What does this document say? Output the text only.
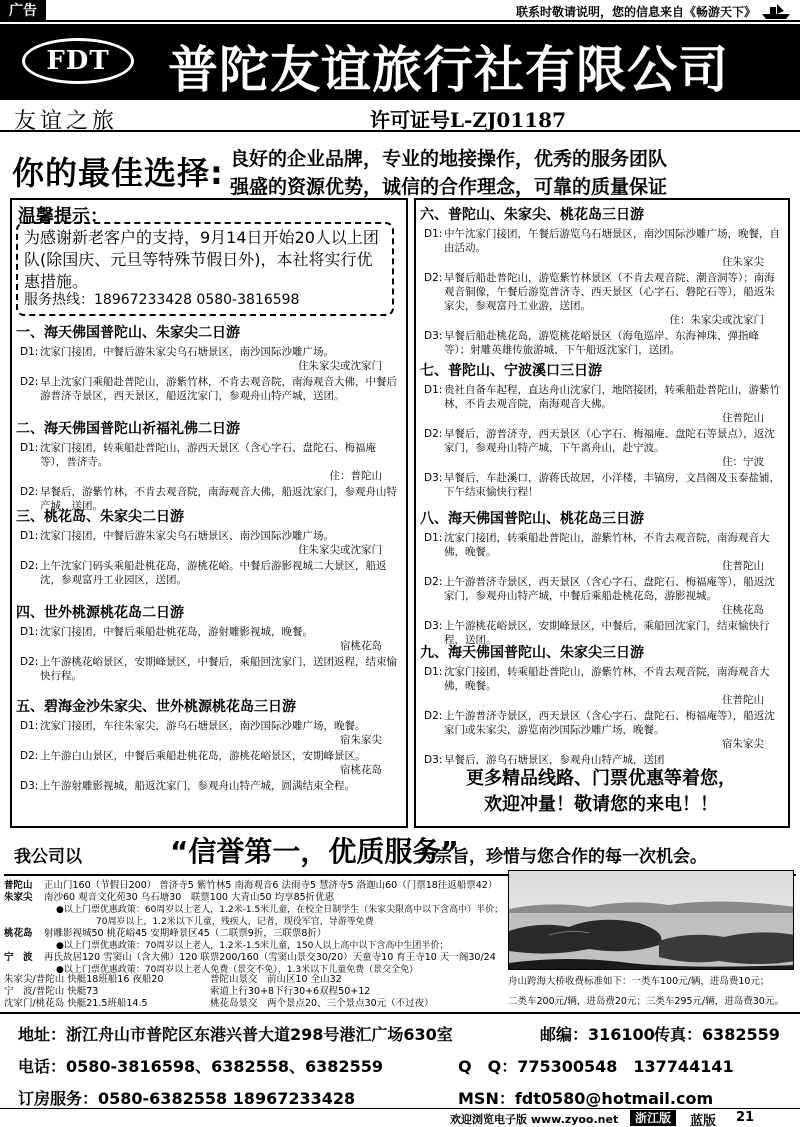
广告	联系时敬请说明，您的信息来自《畅游天下》
FDT	普陀友谊旅行社有限公司
友谊之旅	许可证号L-ZJ01187
你的最佳选择: 良好的企业品牌，专业的地接操作，优秀的服务团队
强盛的资源优势，诚信的合作理念，可靠的质量保证
温馨提示：
为感谢新老客户的支持，9月14日开始20人以上团队(除国庆、元旦等特殊节假日外)，本社将实行优惠措施。
服务热线：18967233428 0580-3816598
一、海天佛国普陀山、朱家尖二日游
D1: 沈家门接团，中餐后游朱家尖乌石塘景区，南沙国际沙雕广场。
住朱家尖或沈家门
D2: 早上沈家门乘船赴普陀山，游紫竹林，不肯去观音院，南海观音大佛，中餐后游普济寺景区，西天景区，船返沈家门，参观舟山特产城，送团。
二、海天佛国普陀山祈福礼佛二日游
D1: 沈家门接团，转乘船赴普陀山，游西天景区（含心字石、盘陀石、梅福庵等），普济寺。
住：普陀山
D2: 早餐后，游紫竹林，不肯去观音院，南海观音大佛，船返沈家门，参观舟山特产城，送团。
三、桃花岛、朱家尖二日游
D1: 沈家门接团，中餐后游朱家尖乌石塘景区、南沙国际沙雕广场。
住朱家尖或沈家门
D2: 上午沈家门码头乘船赴桃花岛，游桃花峪。中餐后游影视城二大景区，船返沈，参观富丹工业园区，送团。
四、世外桃源桃花岛二日游
D1: 沈家门接团，中餐后乘船赴桃花岛，游射雕影视城，晚餐。
宿桃花岛
D2: 上午游桃花峪景区，安期峰景区，中餐后，乘船回沈家门，送团返程，结束愉快行程。
五、碧海金沙朱家尖、世外桃源桃花岛三日游
D1: 沈家门接团，车往朱家尖，游乌石塘景区，南沙国际沙雕广场，晚餐。
宿朱家尖
D2: 上午游白山景区，中餐后乘船赴桃花岛，游桃花峪景区，安期峰景区。
宿桃花岛
D3: 上午游射雕影视城，船返沈家门，参观舟山特产城，圆满结束全程。
六、普陀山、朱家尖、桃花岛三日游
D1: 中午沈家门接团，午餐后游览乌石塘景区，南沙国际沙雕广场，晚餐，自由活动。
住朱家尖
D2: 早餐后船赴普陀山，游览紫竹林景区（不肯去观音院、潮音洞等）；南海观音铜像，午餐后游览普济寺、西天景区（心字石、磐陀石等），船返朱家尖，参观富丹工业游，送团。
住：朱家尖或沈家门
D3: 早餐后船赴桃花岛，游览桃花峪景区（海龟巡岸、东海神珠、弹指峰等）；射雕英雄传旅游城，下午船返沈家门，送团。
七、普陀山、宁波溪口三日游
D1: 贵社自备车起程，直达舟山沈家门，地陪接团，转乘船赴普陀山，游紫竹林，不肯去观音院，南海观音大佛。
住普陀山
D2: 早餐后，游普济寺，西天景区（心字石、梅福庵、盘陀石等景点），返沈家门，参观舟山特产城，下午离舟山，赴宁波。
住：宁波
D3: 早餐后，车赴溪口，游蒋氏故居，小洋楼，丰镐房，文昌阁及玉泰盐铺，下午结束愉快行程！
八、海天佛国普陀山、桃花岛三日游
D1: 沈家门接团，转乘船赴普陀山，游紫竹林，不肯去观音院，南海观音大佛，晚餐。
住普陀山
D2: 上午游普济寺景区，西天景区（含心字石、盘陀石、梅福庵等），船返沈家门，参观舟山特产城，中餐后乘船赴桃花岛，游影视城。
住桃花岛
D3: 上午游桃花峪景区，安期峰景区，中餐后，乘船回沈家门，结束愉快行程，送团。
九、海天佛国普陀山、朱家尖三日游
D1: 沈家门接团，转乘船赴普陀山，游紫竹林，不肯去观音院，南海观音大佛，晚餐。
住普陀山
D2: 上午游普济寺景区，西天景区（含心字石、盘陀石、梅福庵等），船返沈家门或朱家尖，游览南沙国际沙雕广场，晚餐。
宿朱家尖
D3: 早餐后，游乌石塘景区，参观舟山特产城，送团
更多精品线路、门票优惠等着您，
欢迎冲量！敬请您的来电！！
我公司以	“信誉第一，优质服务”
为宗旨，珍惜与您合作的每一次机会。
普陀山 正山门160（节假日200） 普济寺5 紫竹林5 南海观音6 法雨寺5 慧济寺5 洛迦山60（门票18往返船票42）
朱家尖 南沙60 观音文化苑30 乌石塘30　联票100 大青山50 均享85折优惠
●以上门票优惠政策：60周岁以上老人，1.2米-1.5米儿童，在校全日制学生（朱家尖限高中以下含高中）半价；
70周岁以上，1.2米以下儿童，残疾人，记者，现役军官，导游等免费
桃花岛 射雕影视城50 桃花峪45 安期峰景区45（二联票9折，三联票8折）
●以上门票优惠政策：70周岁以上老人，1.2米-1.5米儿童，150人以上高中以下含高中生团半价；
宁　波 再氏故居120 雪窦山（含大佛）120 联票200/160（雪窦山景交30/20）天童寺10 育王寺10 天一阁30/24
●以上门票优惠政策：70周岁以上老人免费（景交不免），1.3米以下儿童免费（景交全免）
朱家尖/普陀山 快艇18班船16 夜船20	普陀山景交　前山区10 全山32
宁　波/普陀山 快艇73	索道上行30+8下行30+6双程50+12
沈家门/桃花岛 快艇21.5班船14.5	桃花岛景交　两个景点20、三个景点30元（不过夜）
舟山跨海大桥收费标准如下：一类车100元/辆，进岛费10元；
二类车200元/辆，进岛费20元；三类车295元/辆，进岛费30元。
地址：浙江舟山市普陀区东港兴普大道298号港汇广场630室	邮编：316100 传真：6382559
电话：0580-3816598、6382558、6382559	Q　Q：775300548　137744141
订房服务：0580-6382558 18967233428	MSN：fdt0580@hotmail.com
欢迎浏览电子版 www.zyoo.net	浙江版	蓝版 21
